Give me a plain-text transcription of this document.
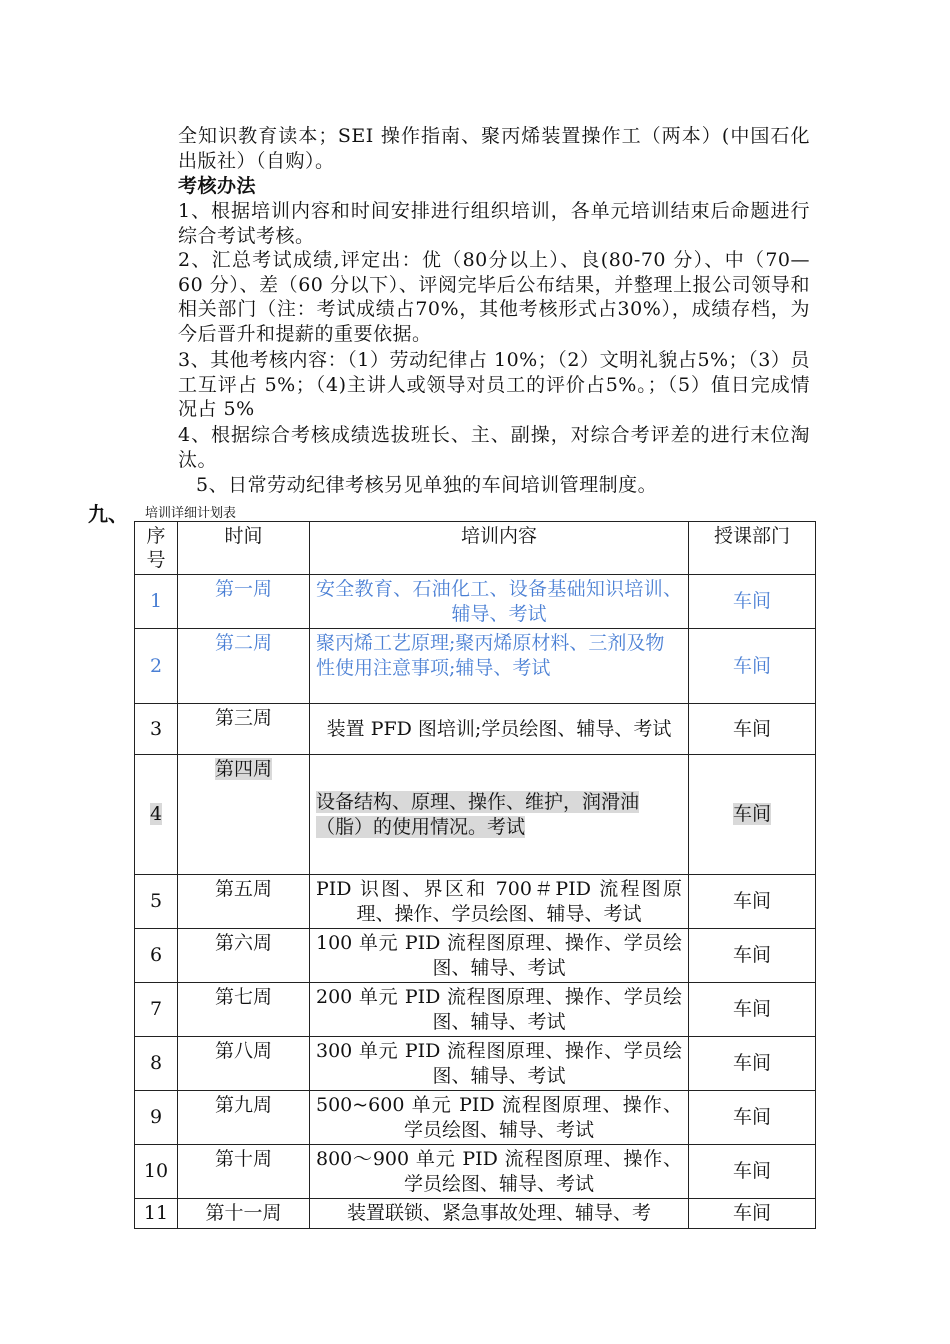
全知识教育读本；SEI 操作指南、聚丙烯装置操作工（两本）(中国石化出版社）（自购）。

考核办法

1、根据培训内容和时间安排进行组织培训，各单元培训结束后命题进行综合考试考核。

2、汇总考试成绩,评定出：优（80分以上）、良(80-70 分）、中（70—60 分）、差（60 分以下）、评阅完毕后公布结果，并整理上报公司领导和相关部门（注：考试成绩占70%，其他考核形式占30%），成绩存档，为今后晋升和提薪的重要依据。

3、其他考核内容：（1）劳动纪律占 10%；（2）文明礼貌占5%；（3）员工互评占 5%；（4)主讲人或领导对员工的评价占5%。；（5）值日完成情况占 5%

4、根据综合考核成绩选拔班长、主、副操，对综合考评差的进行末位淘汰。

5、日常劳动纪律考核另见单独的车间培训管理制度。

九、 培训详细计划表
序号	时间	培训内容	授课部门
1	第一周	安全教育、石油化工、设备基础知识培训、辅导、考试	车间
2	第二周	聚丙烯工艺原理;聚丙烯原材料、三剂及物性使用注意事项;辅导、考试	车间
3	第三周	装置 PFD 图培训;学员绘图、辅导、考试	车间
4	第四周	设备结构、原理、操作、维护，润滑油（脂）的使用情况。考试	车间
5	第五周	PID 识图、界区和 700＃PID 流程图原理、操作、学员绘图、辅导、考试	车间
6	第六周	100 单元 PID 流程图原理、操作、学员绘图、辅导、考试	车间
7	第七周	200 单元 PID 流程图原理、操作、学员绘图、辅导、考试	车间
8	第八周	300 单元 PID 流程图原理、操作、学员绘图、辅导、考试	车间
9	第九周	500~600 单元 PID 流程图原理、操作、学员绘图、辅导、考试	车间
10	第十周	800～900 单元 PID 流程图原理、操作、学员绘图、辅导、考试	车间
11	第十一周	装置联锁、紧急事故处理、辅导、考	车间
